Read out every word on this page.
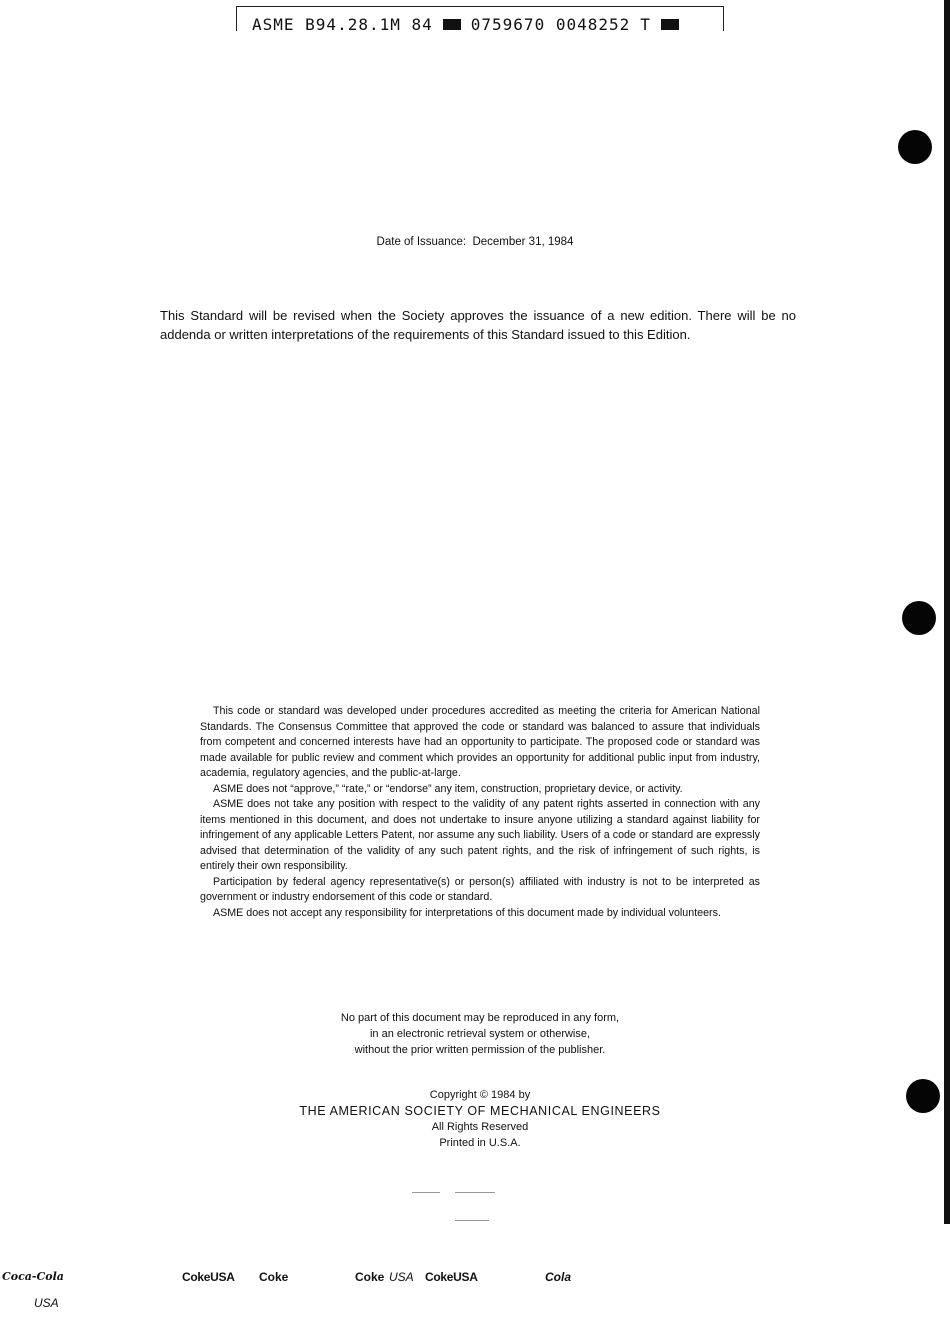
ASME B94.28.1M 84 0759670 0048252 T
Date of Issuance: December 31, 1984
This Standard will be revised when the Society approves the issuance of a new edition. There will be no addenda or written interpretations of the requirements of this Standard issued to this Edition.

This code or standard was developed under procedures accredited as meeting the criteria for American National Standards. The Consensus Committee that approved the code or standard was balanced to assure that individuals from competent and concerned interests have had an opportunity to participate. The proposed code or standard was made available for public review and comment which provides an opportunity for additional public input from industry, academia, regulatory agencies, and the public-at-large.

ASME does not “approve,” “rate,” or “endorse” any item, construction, proprietary device, or activity.

ASME does not take any position with respect to the validity of any patent rights asserted in connection with any items mentioned in this document, and does not undertake to insure anyone utilizing a standard against liability for infringement of any applicable Letters Patent, nor assume any such liability. Users of a code or standard are expressly advised that determination of the validity of any such patent rights, and the risk of infringement of such rights, is entirely their own responsibility.

Participation by federal agency representative(s) or person(s) affiliated with industry is not to be interpreted as government or industry endorsement of this code or standard.

ASME does not accept any responsibility for interpretations of this document made by individual volunteers.

No part of this document may be reproduced in any form,
in an electronic retrieval system or otherwise,
without the prior written permission of the publisher.
Copyright © 1984 by
THE AMERICAN SOCIETY OF MECHANICAL ENGINEERS
All Rights Reserved
Printed in U.S.A.
Coca-Cola
USA
CokeUSA Coke	Coke USA CokeUSA	Cola
